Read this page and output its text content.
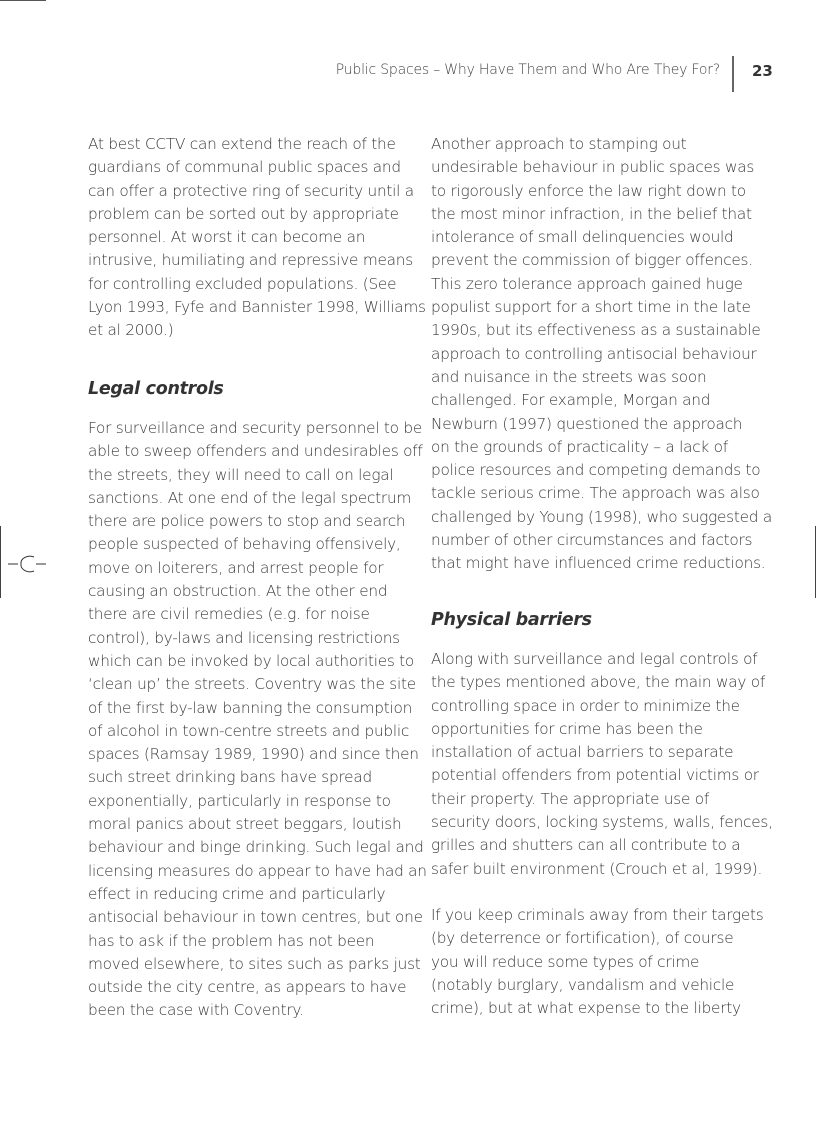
Public Spaces – Why Have Them and Who Are They For? 23

At best CCTV can extend the reach of the
guardians of communal public spaces and
can offer a protective ring of security until a
problem can be sorted out by appropriate
personnel. At worst it can become an
intrusive, humiliating and repressive means
for controlling excluded populations. (See
Lyon 1993, Fyfe and Bannister 1998, Williams
et al 2000.)

Legal controls

For surveillance and security personnel to be
able to sweep offenders and undesirables off
the streets, they will need to call on legal
sanctions. At one end of the legal spectrum
there are police powers to stop and search
people suspected of behaving offensively,
move on loiterers, and arrest people for
causing an obstruction. At the other end
there are civil remedies (e.g. for noise
control), by-laws and licensing restrictions
which can be invoked by local authorities to
‘clean up’ the streets. Coventry was the site
of the first by-law banning the consumption
of alcohol in town-centre streets and public
spaces (Ramsay 1989, 1990) and since then
such street drinking bans have spread
exponentially, particularly in response to
moral panics about street beggars, loutish
behaviour and binge drinking. Such legal and
licensing measures do appear to have had an
effect in reducing crime and particularly
antisocial behaviour in town centres, but one
has to ask if the problem has not been
moved elsewhere, to sites such as parks just
outside the city centre, as appears to have
been the case with Coventry.

Another approach to stamping out
undesirable behaviour in public spaces was
to rigorously enforce the law right down to
the most minor infraction, in the belief that
intolerance of small delinquencies would
prevent the commission of bigger offences.
This zero tolerance approach gained huge
populist support for a short time in the late
1990s, but its effectiveness as a sustainable
approach to controlling antisocial behaviour
and nuisance in the streets was soon
challenged. For example, Morgan and
Newburn (1997) questioned the approach
on the grounds of practicality – a lack of
police resources and competing demands to
tackle serious crime. The approach was also
challenged by Young (1998), who suggested a
number of other circumstances and factors
that might have influenced crime reductions.

Physical barriers

Along with surveillance and legal controls of
the types mentioned above, the main way of
controlling space in order to minimize the
opportunities for crime has been the
installation of actual barriers to separate
potential offenders from potential victims or
their property. The appropriate use of
security doors, locking systems, walls, fences,
grilles and shutters can all contribute to a
safer built environment (Crouch et al, 1999).

If you keep criminals away from their targets
(by deterrence or fortification), of course
you will reduce some types of crime
(notably burglary, vandalism and vehicle
crime), but at what expense to the liberty
